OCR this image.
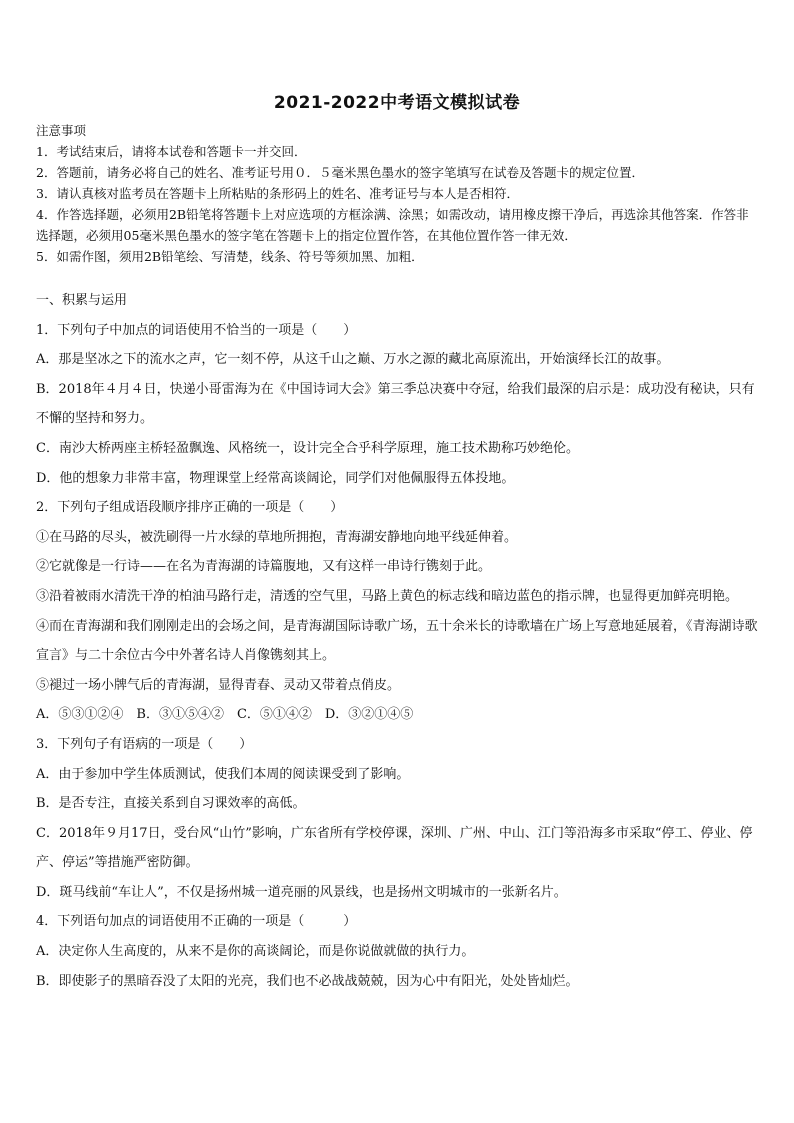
2021-2022中考语文模拟试卷
注意事项
1．考试结束后，请将本试卷和答题卡一并交回．
2．答题前，请务必将自己的姓名、准考证号用０．５毫米黑色墨水的签字笔填写在试卷及答题卡的规定位置．
3．请认真核对监考员在答题卡上所粘贴的条形码上的姓名、准考证号与本人是否相符．
4．作答选择题，必须用2B铅笔将答题卡上对应选项的方框涂满、涂黑；如需改动，请用橡皮擦干净后，再选涂其他答案．作答非选择题，必须用05毫米黑色墨水的签字笔在答题卡上的指定位置作答，在其他位置作答一律无效．
5．如需作图，须用2B铅笔绘、写清楚，线条、符号等须加黑、加粗．

一、积累与运用

1．下列句子中加点的词语使用不恰当的一项是（　　）

A．那是坚冰之下的流水之声，它一刻不停，从这千山之巅、万水之源的藏北高原流出，开始演绎长江的故事。

B．2018年４月４日，快递小哥雷海为在《中国诗词大会》第三季总决赛中夺冠，给我们最深的启示是：成功没有秘诀，只有不懈的坚持和努力。

C．南沙大桥两座主桥轻盈飘逸、风格统一，设计完全合乎科学原理，施工技术勘称巧妙绝伦。

D．他的想象力非常丰富，物理课堂上经常高谈阔论，同学们对他佩服得五体投地。

2．下列句子组成语段顺序排序正确的一项是（　　）

①在马路的尽头，被洗刷得一片水绿的草地所拥抱，青海湖安静地向地平线延伸着。

②它就像是一行诗——在名为青海湖的诗篇腹地，又有这样一串诗行镌刻于此。

③沿着被雨水清洗干净的柏油马路行走，清透的空气里，马路上黄色的标志线和暗边蓝色的指示牌，也显得更加鲜亮明艳。

④而在青海湖和我们刚刚走出的会场之间，是青海湖国际诗歌广场，五十余米长的诗歌墙在广场上写意地延展着，《青海湖诗歌宣言》与二十余位古今中外著名诗人肖像镌刻其上。

⑤褪过一场小牌气后的青海湖，显得青春、灵动又带着点俏皮。

A．⑤③①②④　B．③①⑤④②　C．⑤①④②　D．③②①④⑤

3．下列句子有语病的一项是（　　）

A．由于参加中学生体质测试，使我们本周的阅读课受到了影响。

B．是否专注，直接关系到自习课效率的高低。

C．2018年９月17日，受台风“山竹”影响，广东省所有学校停课，深圳、广州、中山、江门等沿海多市采取“停工、停业、停产、停运”等措施严密防御。

D．斑马线前“车让人”，不仅是扬州城一道亮丽的风景线，也是扬州文明城市的一张新名片。

4．下列语句加点的词语使用不正确的一项是（　　　）

A．决定你人生高度的，从来不是你的高谈阔论，而是你说做就做的执行力。

B．即使影子的黑暗吞没了太阳的光亮，我们也不必战战兢兢，因为心中有阳光，处处皆灿烂。
